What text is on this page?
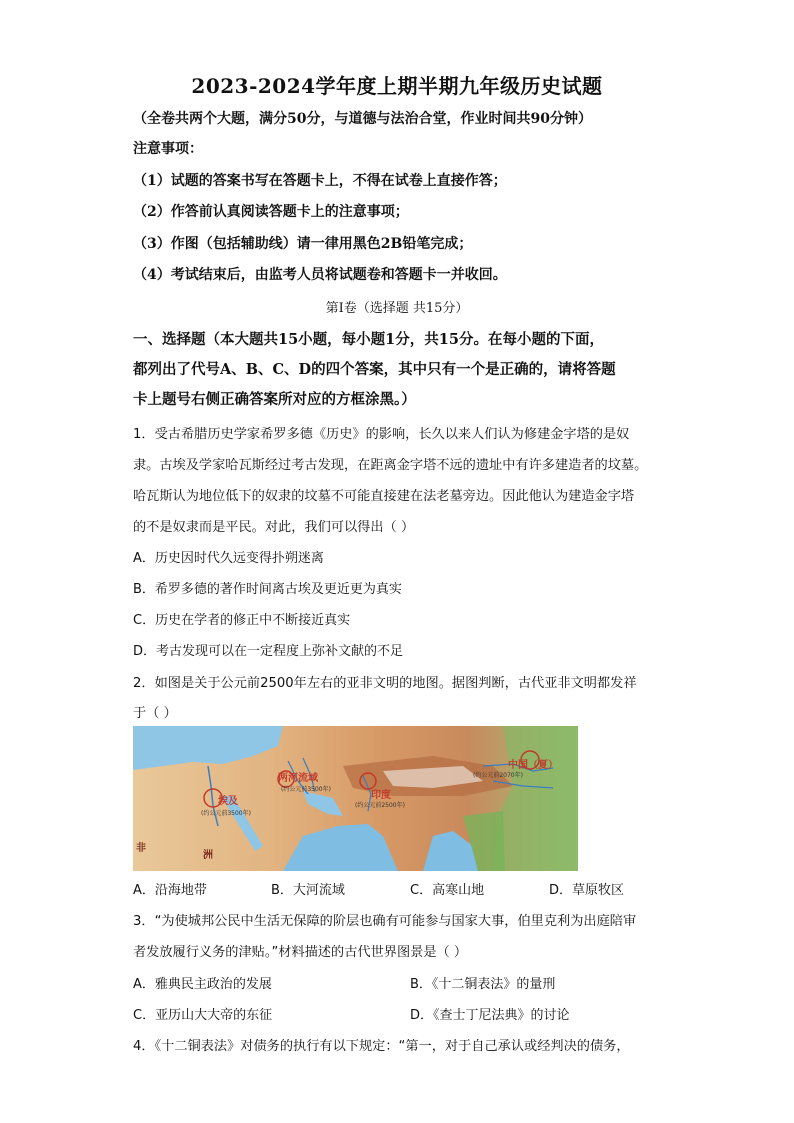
2023-2024学年度上期半期九年级历史试题
（全卷共两个大题，满分50分，与道德与法治合堂，作业时间共90分钟）
注意事项：
（1）试题的答案书写在答题卡上，不得在试卷上直接作答；
（2）作答前认真阅读答题卡上的注意事项；
（3）作图（包括辅助线）请一律用黑色2B铅笔完成；
（4）考试结束后，由监考人员将试题卷和答题卡一并收回。
第Ⅰ卷（选择题 共15分）
一、选择题（本大题共15小题，每小题1分，共15分。在每小题的下面，
都列出了代号A、B、C、D的四个答案，其中只有一个是正确的，请将答题
卡上题号右侧正确答案所对应的方框涂黑。）
1．受古希腊历史学家希罗多德《历史》的影响，长久以来人们认为修建金字塔的是奴
隶。古埃及学家哈瓦斯经过考古发现，在距离金字塔不远的遗址中有许多建造者的坟墓。
哈瓦斯认为地位低下的奴隶的坟墓不可能直接建在法老墓旁边。因此他认为建造金字塔
的不是奴隶而是平民。对此，我们可以得出（ ）
A．历史因时代久远变得扑朔迷离
B．希罗多德的著作时间离古埃及更近更为真实
C．历史在学者的修正中不断接近真实
D．考古发现可以在一定程度上弥补文献的不足
2．如图是关于公元前2500年左右的亚非文明的地图。据图判断，古代亚非文明都发祥
于（ ）
埃及
(约公元前3500年)
两河流域
(约公元前3500年)
印度
(约公元前2500年)
中国（夏）
(约公元前2070年)
非
洲
A．沿海地带	B．大河流域	C．高寒山地	D．草原牧区
3．“为使城邦公民中生活无保障的阶层也确有可能参与国家大事，伯里克利为出庭陪审
者发放履行义务的津贴。”材料描述的古代世界图景是（ ）
A．雅典民主政治的发展	B．《十二铜表法》的量刑
C．亚历山大大帝的东征	D．《查士丁尼法典》的讨论
4．《十二铜表法》对债务的执行有以下规定：“第一，对于自己承认或经判决的债务，
